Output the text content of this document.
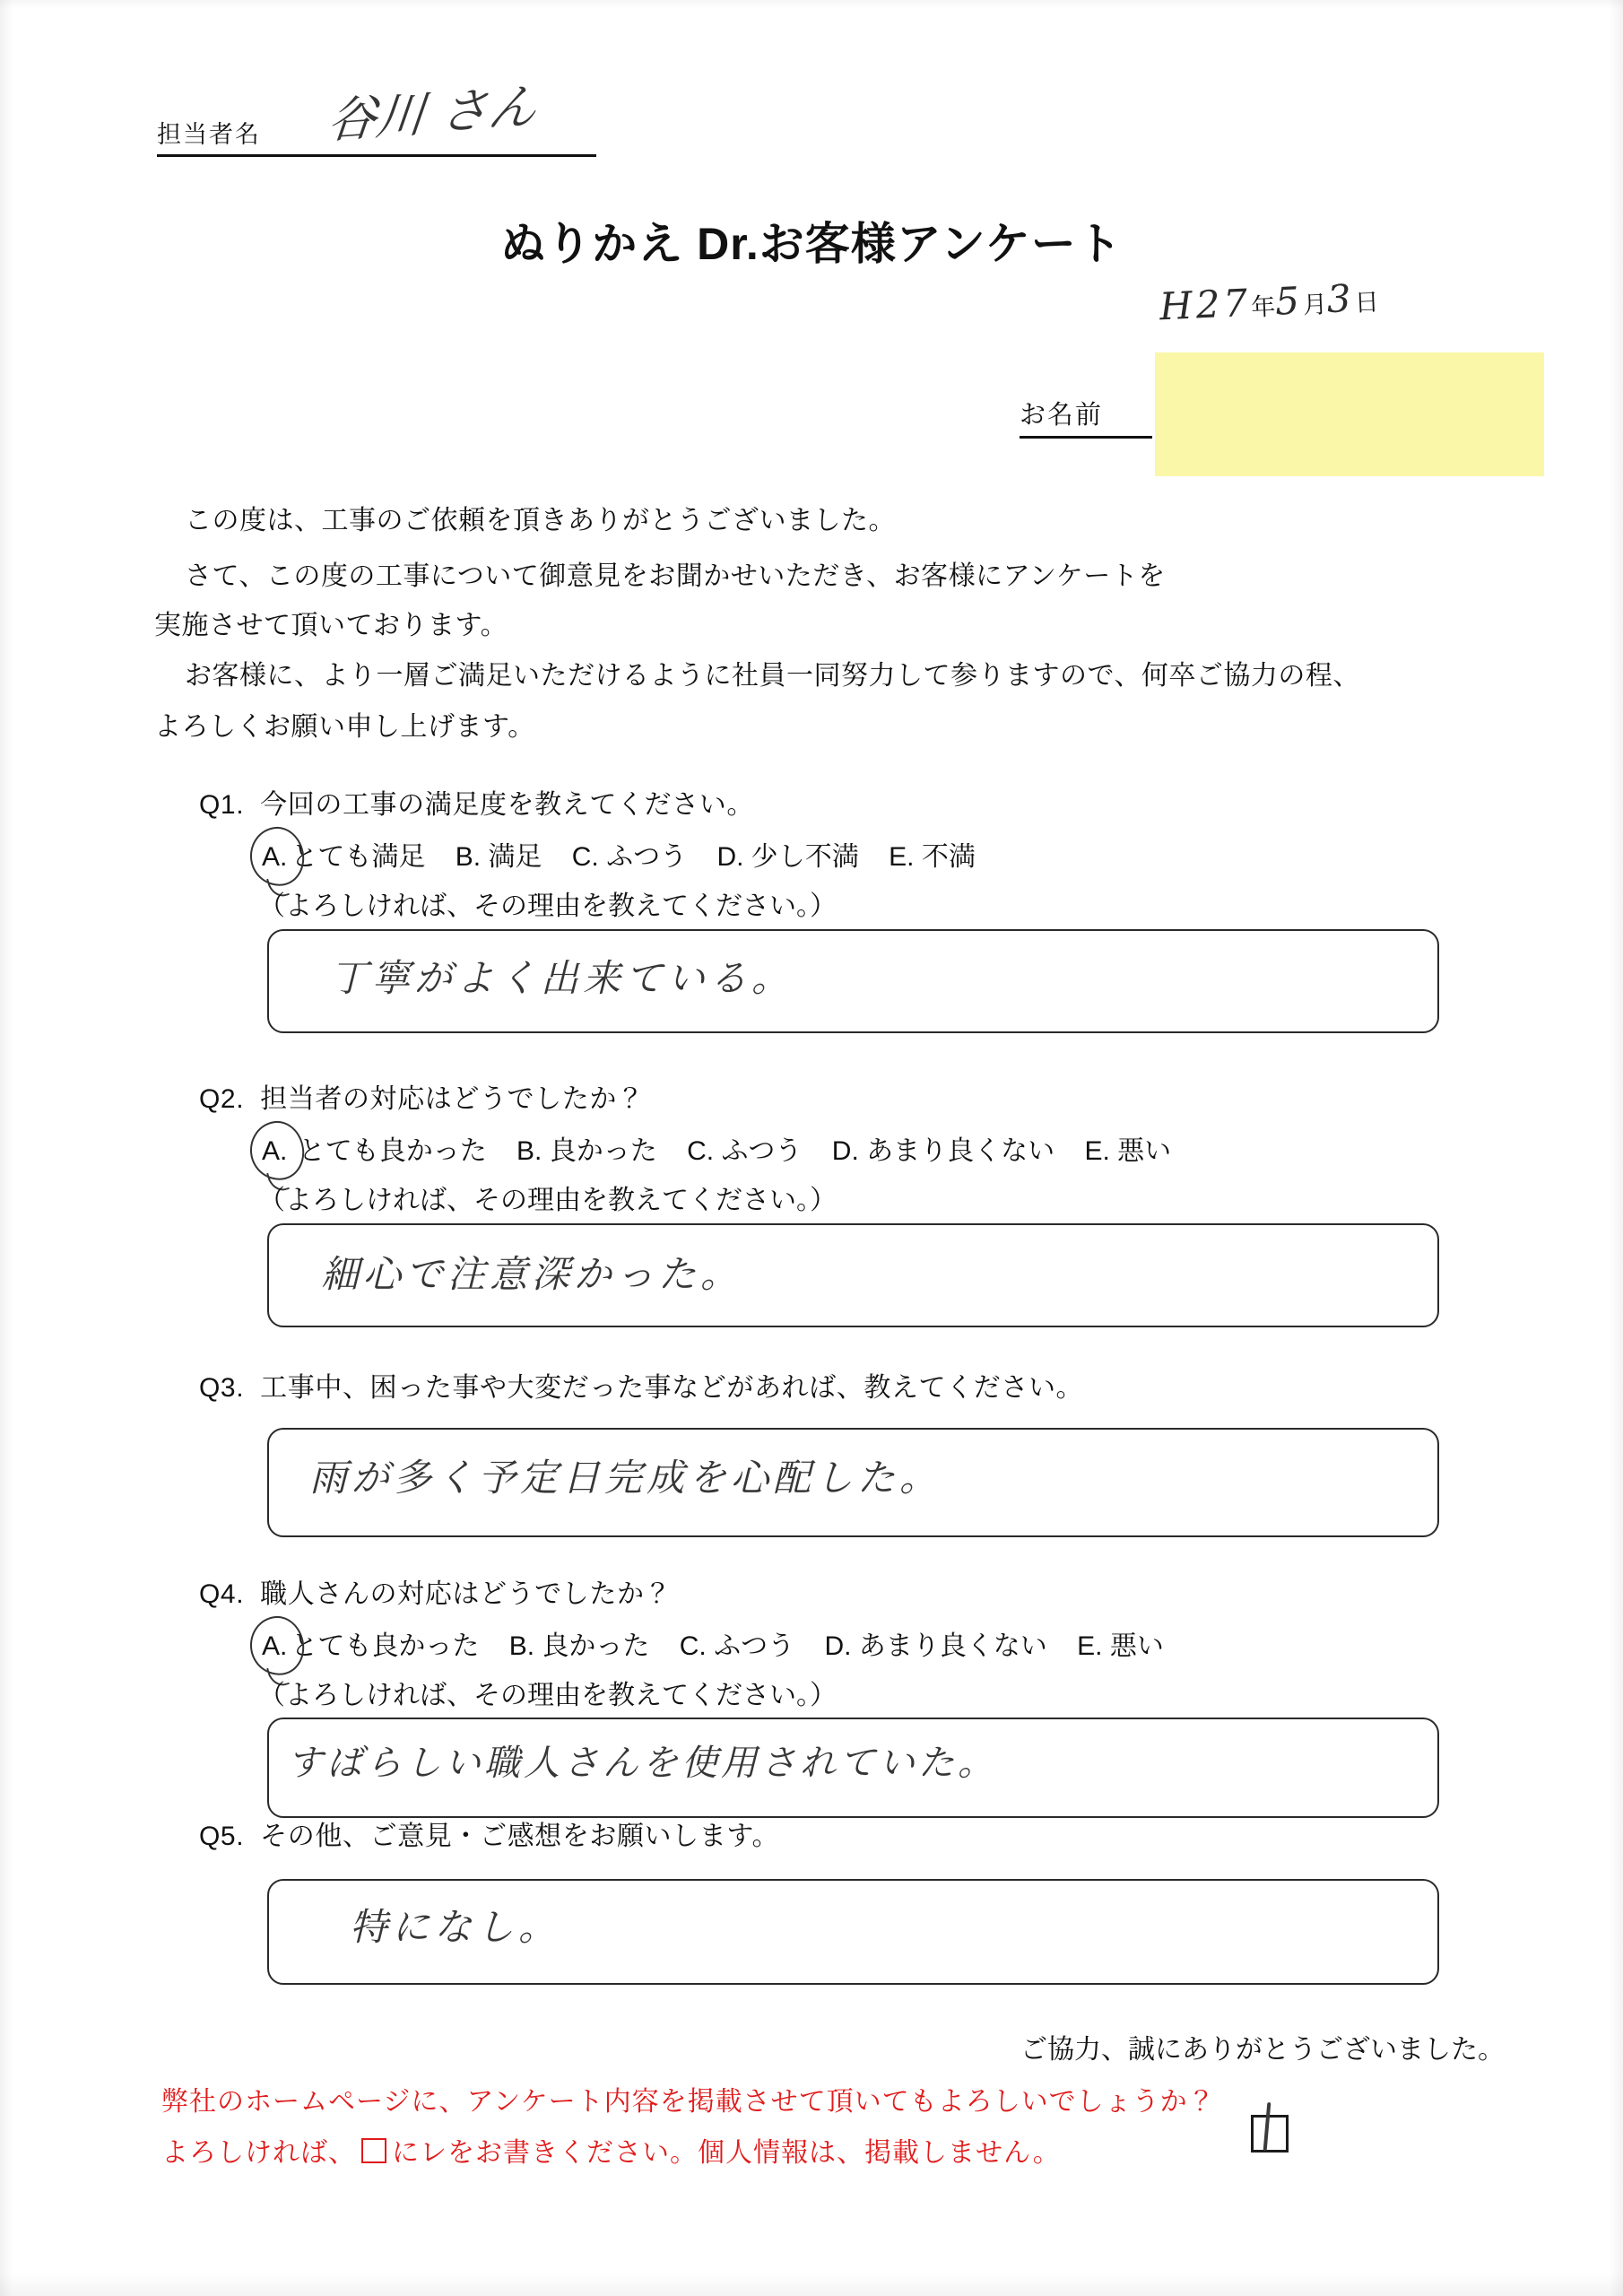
担当者名	谷川 さん
ぬりかえ Dr.お客様アンケート
H27年5月3日
お名前
この度は、工事のご依頼を頂きありがとうございました。
さて、この度の工事について御意見をお聞かせいただき、お客様にアンケートを
実施させて頂いております。
お客様に、より一層ご満足いただけるように社員一同努力して参りますので、何卒ご協力の程、
よろしくお願い申し上げます。
Q1. 今回の工事の満足度を教えてください。
A. とても満足 B. 満足 C. ふつう D. 少し不満 E. 不満
（よろしければ、その理由を教えてください。）
丁寧がよく出来ている。
Q2. 担当者の対応はどうでしたか？
A. とても良かった B. 良かった C. ふつう D. あまり良くない E. 悪い
（よろしければ、その理由を教えてください。）
細心で注意深かった。
Q3. 工事中、困った事や大変だった事などがあれば、教えてください。
雨が多く予定日完成を心配した。
Q4. 職人さんの対応はどうでしたか？
A. とても良かった B. 良かった C. ふつう D. あまり良くない E. 悪い
（よろしければ、その理由を教えてください。）
すばらしい職人さんを使用されていた。
Q5. その他、ご意見・ご感想をお願いします。
特になし。
ご協力、誠にありがとうございました。
弊社のホームページに、アンケート内容を掲載させて頂いてもよろしいでしょうか？
よろしければ、 にレをお書きください。個人情報は、掲載しません。
